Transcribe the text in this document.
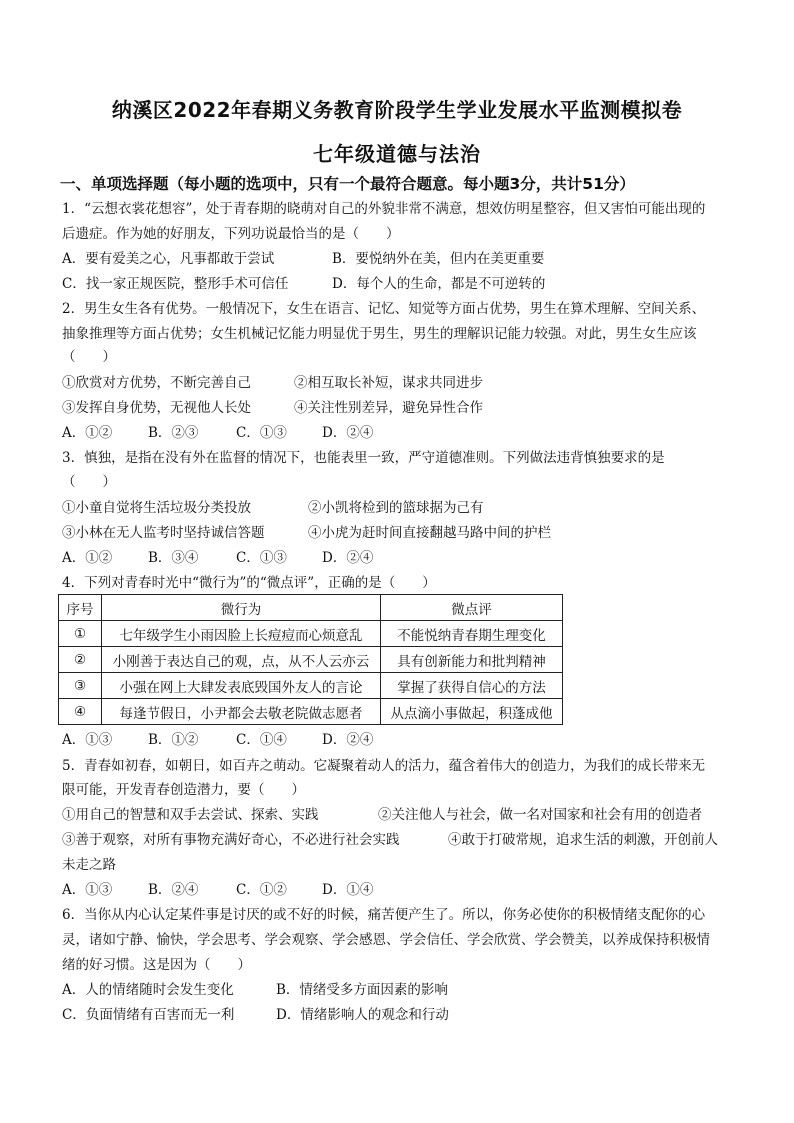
纳溪区2022年春期义务教育阶段学生学业发展水平监测模拟卷
七年级道德与法治
一、单项选择题（每小题的选项中，只有一个最符合题意。每小题3分，共计51分）
1．“云想衣裳花想容”，处于青春期的晓萌对自己的外貌非常不满意，想效仿明星整容，但又害怕可能出现的
后遗症。作为她的好朋友，下列功说最恰当的是（　　）
A．要有爱美之心，凡事都敢于尝试	B．要悦纳外在美，但内在美更重要
C．找一家正规医院，整形手术可信任	D．每个人的生命，都是不可逆转的
2．男生女生各有优势。一般情况下，女生在语言、记忆、知觉等方面占优势，男生在算术理解、空间关系、
抽象推理等方面占优势；女生机械记忆能力明显优于男生，男生的理解识记能力较强。对此，男生女生应该
（　　）
①欣赏对方优势，不断完善自己	②相互取长补短，谋求共同进步
③发挥自身优势，无视他人长处	④关注性别差异，避免异性合作
A．①②	B．②③	C．①③	D．②④
3．慎独，是指在没有外在监督的情况下，也能表里一致，严守道德准则。下列做法违背慎独要求的是
（　　）
①小童自觉将生活垃圾分类投放	②小凯将检到的篮球据为己有
③小林在无人监考时坚持诚信答题	④小虎为赶时间直接翻越马路中间的护栏
A．①②	B．③④	C．①③	D．②④
4．下列对青春时光中“微行为”的“微点评”，正确的是（　　）
序号	微行为	微点评
①	七年级学生小雨因脸上长痘痘而心烦意乱	不能悦纳青春期生理变化
②	小刚善于表达自己的观，点，从不人云亦云	具有创新能力和批判精神
③	小强在网上大肆发表底毁国外友人的言论	掌握了获得自信心的方法
④	每逢节假日，小尹都会去敬老院做志愿者	从点滴小事做起，积蓬成他
A．①③	B．①②	C．①④	D．②④
5．青春如初春，如朝日，如百卉之萌动。它凝聚着动人的活力，蕴含着伟大的创造力，为我们的成长带来无
限可能，开发青春创造潜力，要（　　）
①用自己的智慧和双手去尝试、探索、实践	②关注他人与社会，做一名对国家和社会有用的创造者
③善于观察，对所有事物充满好奇心，不必进行社会实践	④敢于打破常规，追求生活的刺激，开创前人
未走之路
A．①③	B．②④	C．①②	D．①④
6．当你从内心认定某件事是讨厌的或不好的时候，痛苦便产生了。所以，你务必使你的积极情绪支配你的心
灵，诸如宁静、愉快，学会思考、学会观察、学会感恩、学会信任、学会欣赏、学会赞美，以养成保持积极情
绪的好习惯。这是因为（　　）
A．人的情绪随时会发生变化	B．情绪受多方面因素的影响
C．负面情绪有百害而无一利	D．情绪影响人的观念和行动
